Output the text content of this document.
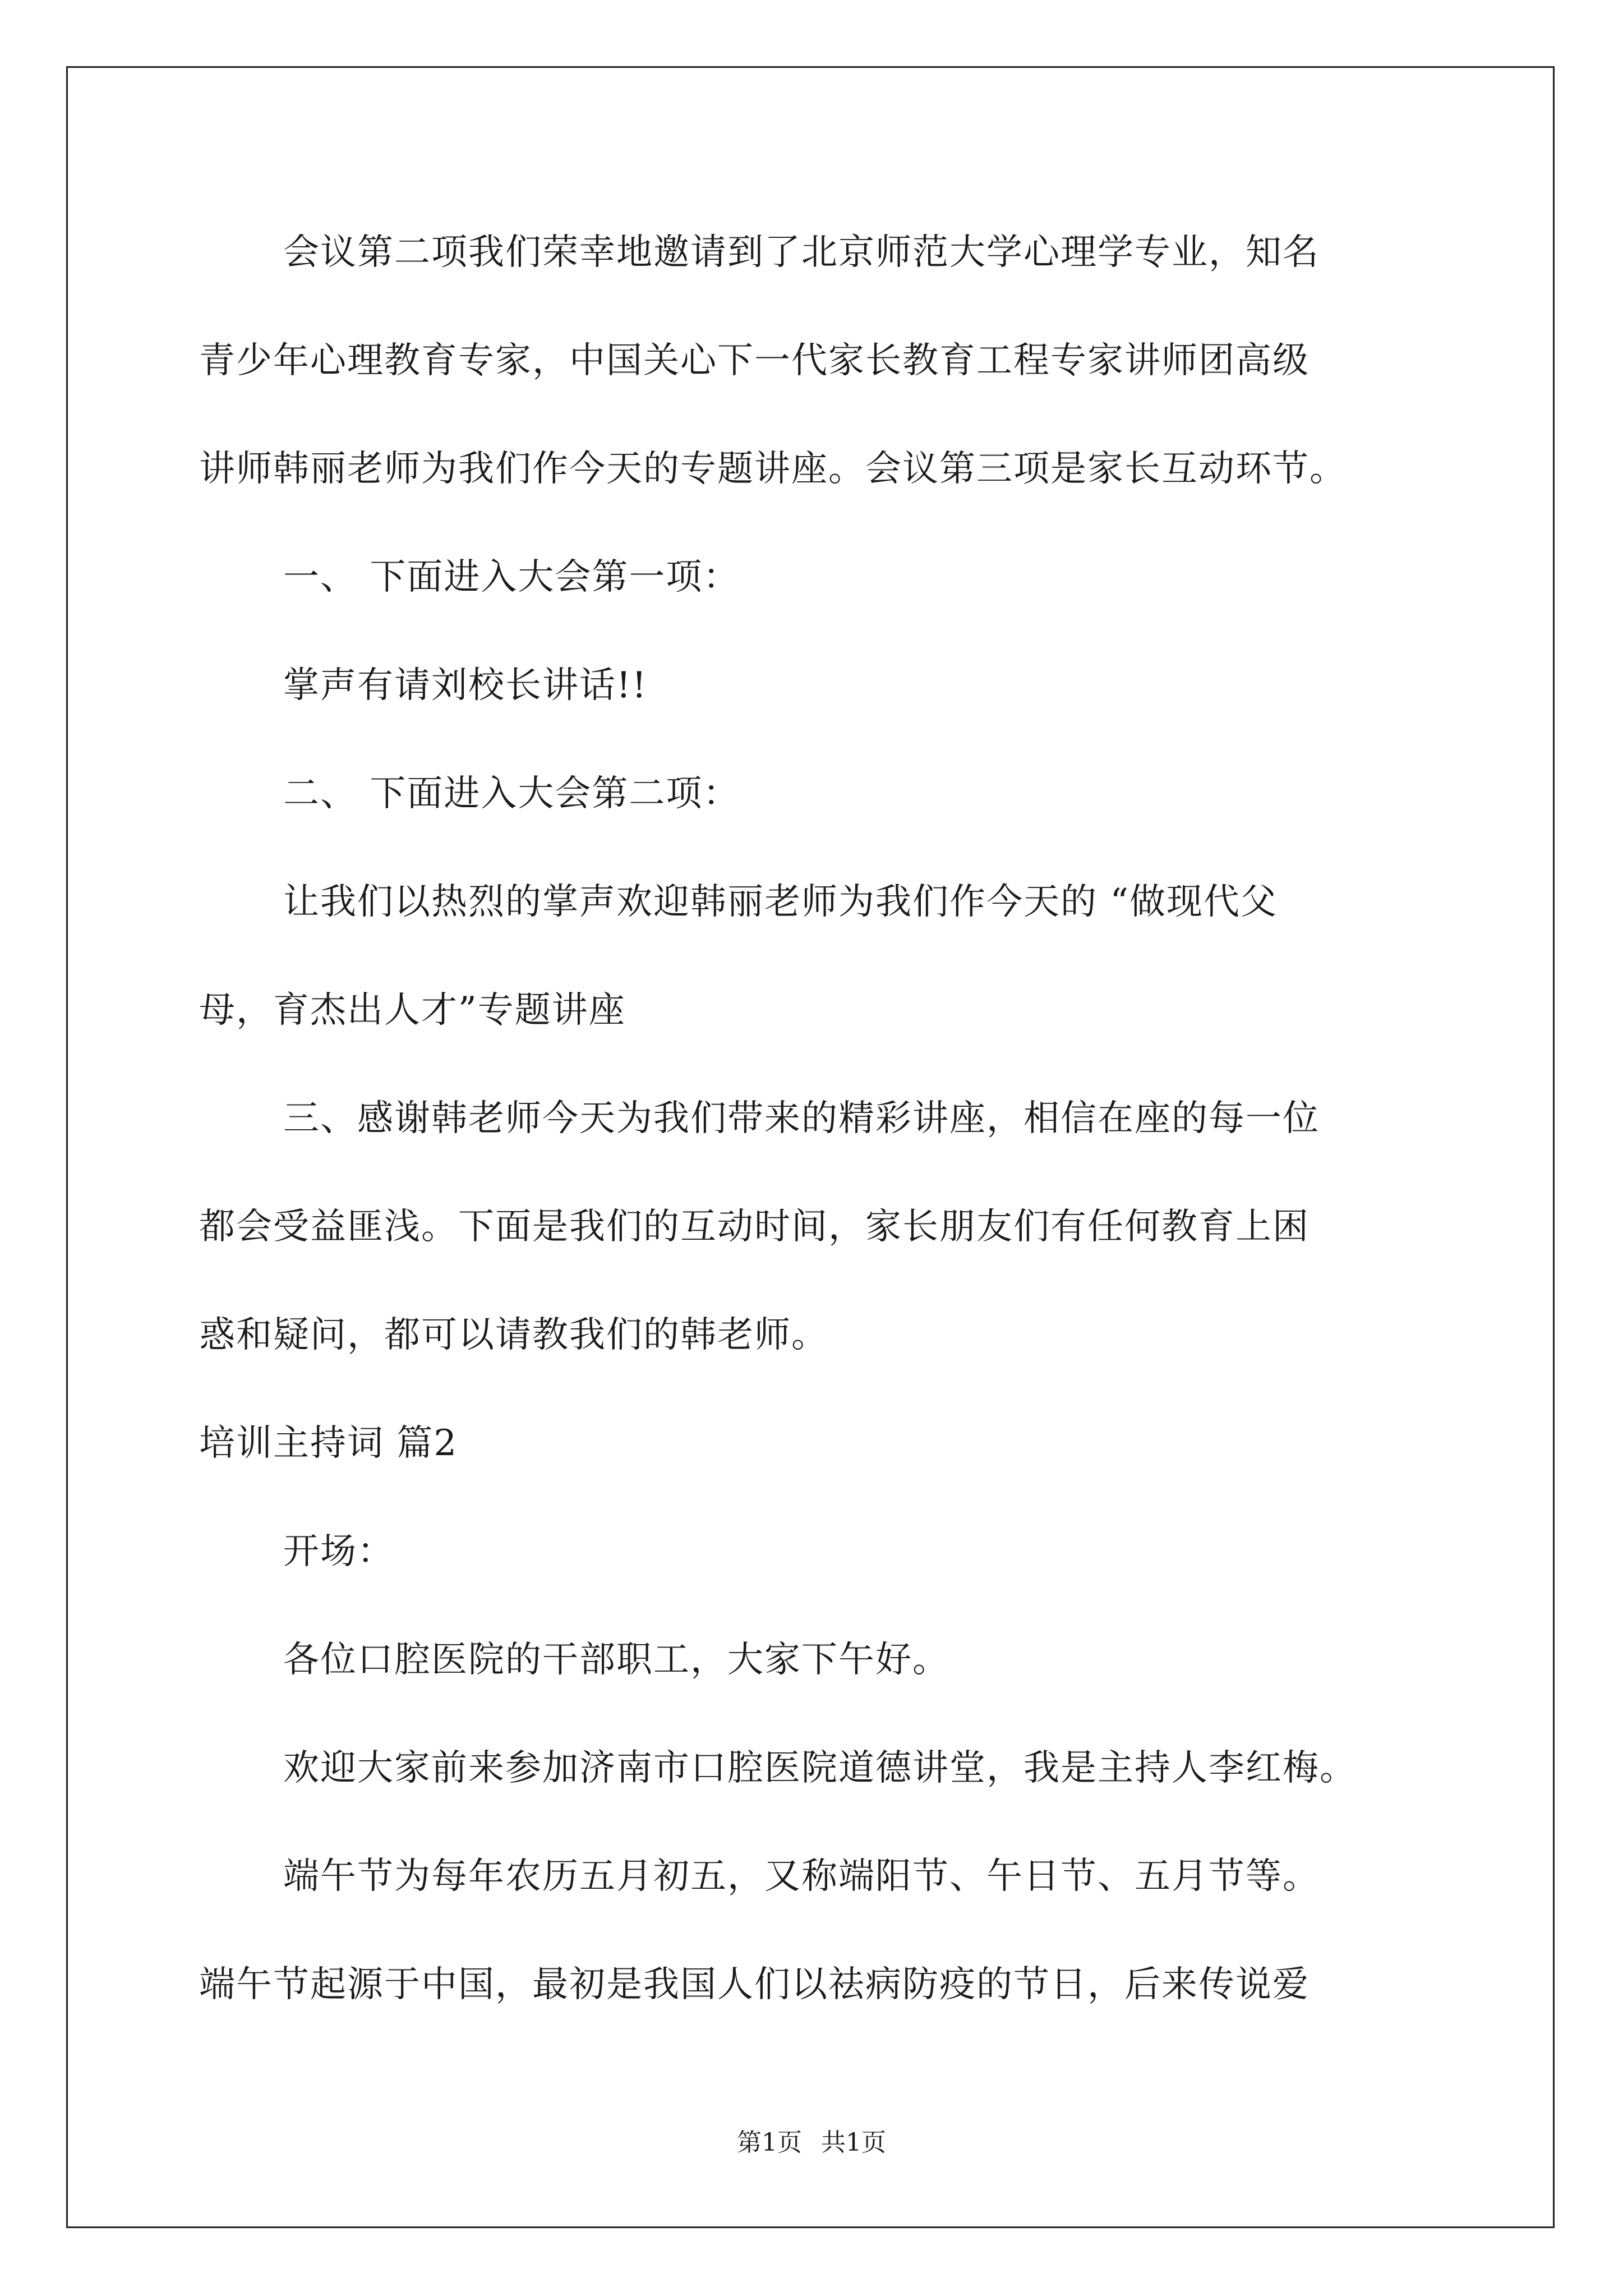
会议第二项我们荣幸地邀请到了北京师范大学心理学专业，知名
青少年心理教育专家，中国关心下一代家长教育工程专家讲师团高级
讲师韩丽老师为我们作今天的专题讲座。会议第三项是家长互动环节。
一、 下面进入大会第一项：
掌声有请刘校长讲话!!
二、 下面进入大会第二项：
让我们以热烈的掌声欢迎韩丽老师为我们作今天的 “做现代父
母，育杰出人才”专题讲座
三、感谢韩老师今天为我们带来的精彩讲座，相信在座的每一位
都会受益匪浅。下面是我们的互动时间，家长朋友们有任何教育上困
惑和疑问，都可以请教我们的韩老师。
培训主持词 篇2
开场：
各位口腔医院的干部职工，大家下午好。
欢迎大家前来参加济南市口腔医院道德讲堂，我是主持人李红梅。
端午节为每年农历五月初五，又称端阳节、午日节、五月节等。
端午节起源于中国，最初是我国人们以祛病防疫的节日，后来传说爱
第1页 共1页
